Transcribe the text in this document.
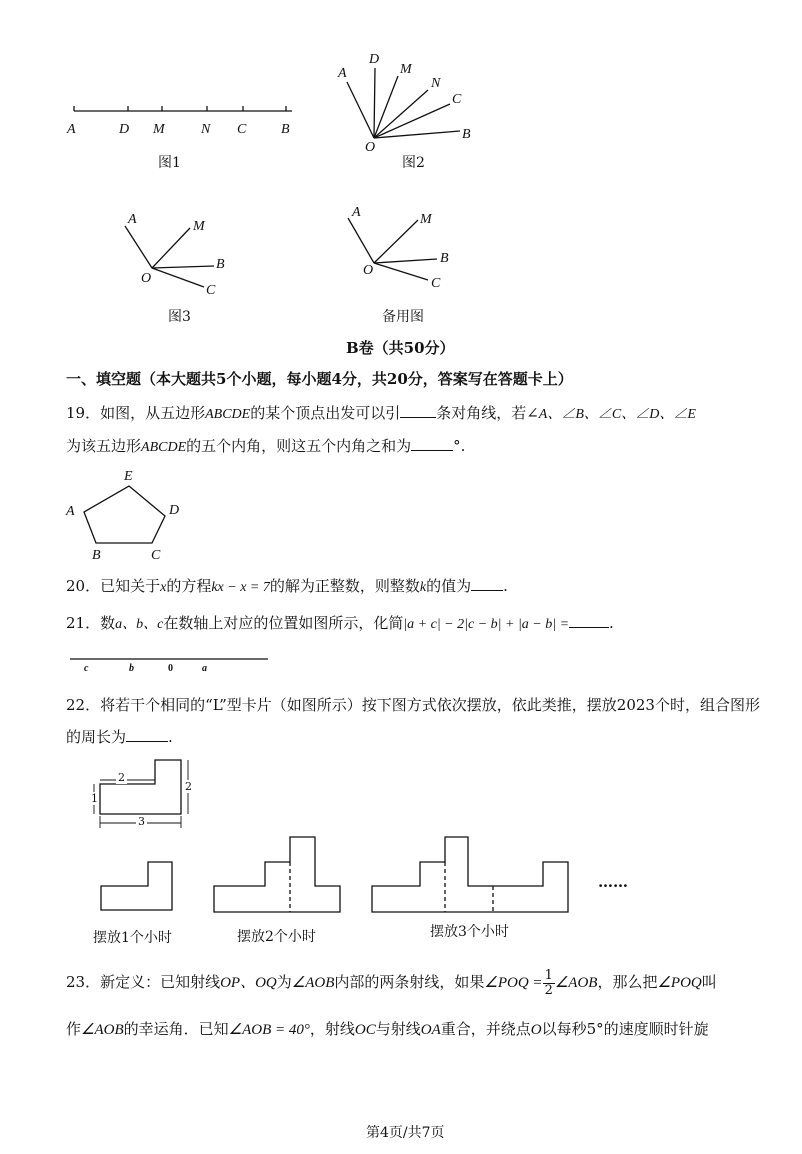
A	D M	N C B
A
D
M
N
C
B
O
A	M
B
C
O
A	M
B
C
O
A
B	C
D
E
2
2
1
3
图1	图2
图3	备用图
B卷（共50分）
一、填空题（本大题共5个小题，每小题4分，共20分，答案写在答题卡上）
19．如图，从五边形ABCDE的某个顶点出发可以引 条对角线，若∠A、∠B、∠C、∠D、∠E
为该五边形ABCDE的五个内角，则这五个内角之和为	°.
20．已知关于x的方程kx − x = 7的解为正整数，则整数k的值为 .
21．数a、b、c在数轴上对应的位置如图所示，化简|a + c| − 2|c − b| + |a − b| =	.
c	b	0	a
22．将若干个相同的“L”型卡片（如图所示）按下图方式依次摆放，依此类推，摆放2023个时，组合图形
的周长为	.
摆放1个小时	摆放2个小时	摆放3个小时
……
23．新定义：已知射线OP、OQ为∠AOB内部的两条射线，如果∠POQ = $\frac{1}{2}$ ∠AOB，那么把∠POQ叫
作∠AOB的幸运角．已知∠AOB = 40°，射线OC与射线OA重合，并绕点O以每秒5°的速度顺时针旋
第4页/共7页
